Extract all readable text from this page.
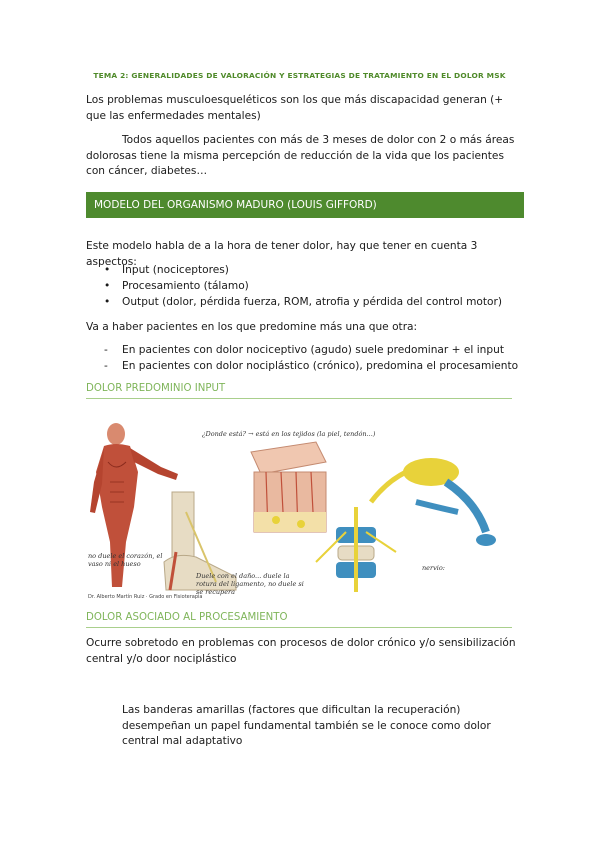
TEMA 2: GENERALIDADES DE VALORACIÓN Y ESTRATEGIAS DE TRATAMIENTO EN EL DOLOR MSK
Los problemas musculoesqueléticos son los que más discapacidad generan (+ que las enfermedades mentales)
Todos aquellos pacientes con más de 3 meses de dolor con 2 o más áreas dolorosas tiene la misma percepción de reducción de la vida que los pacientes con cáncer, diabetes…
MODELO DEL ORGANISMO MADURO (LOUIS GIFFORD)
Este modelo habla de a la hora de tener dolor, hay que tener en cuenta 3 aspectos:
• Input (nociceptores)
• Procesamiento (tálamo)
• Output (dolor, pérdida fuerza, ROM, atrofia y pérdida del control motor)
Va a haber pacientes en los que predomine más una que otra:
- En pacientes con dolor nociceptivo (agudo) suele predominar + el input
- En pacientes con dolor nociplástico (crónico), predomina el procesamiento
DOLOR PREDOMINIO INPUT
¿Donde está? → está en los tejidos (la piel, tendón...)
no duele el corazón, el vaso ni el hueso
Duele con el daño... duele la rotura del ligamento, no duele si se recupera
nervio:
Dr. Alberto Martín Ruiz · Grado en Fisioterapia
DOLOR ASOCIADO AL PROCESAMIENTO
Ocurre sobretodo en problemas con procesos de dolor crónico y/o sensibilización central y/o door nociplástico
Las banderas amarillas (factores que dificultan la recuperación) desempeñan un papel fundamental también se le conoce como dolor central mal adaptativo
